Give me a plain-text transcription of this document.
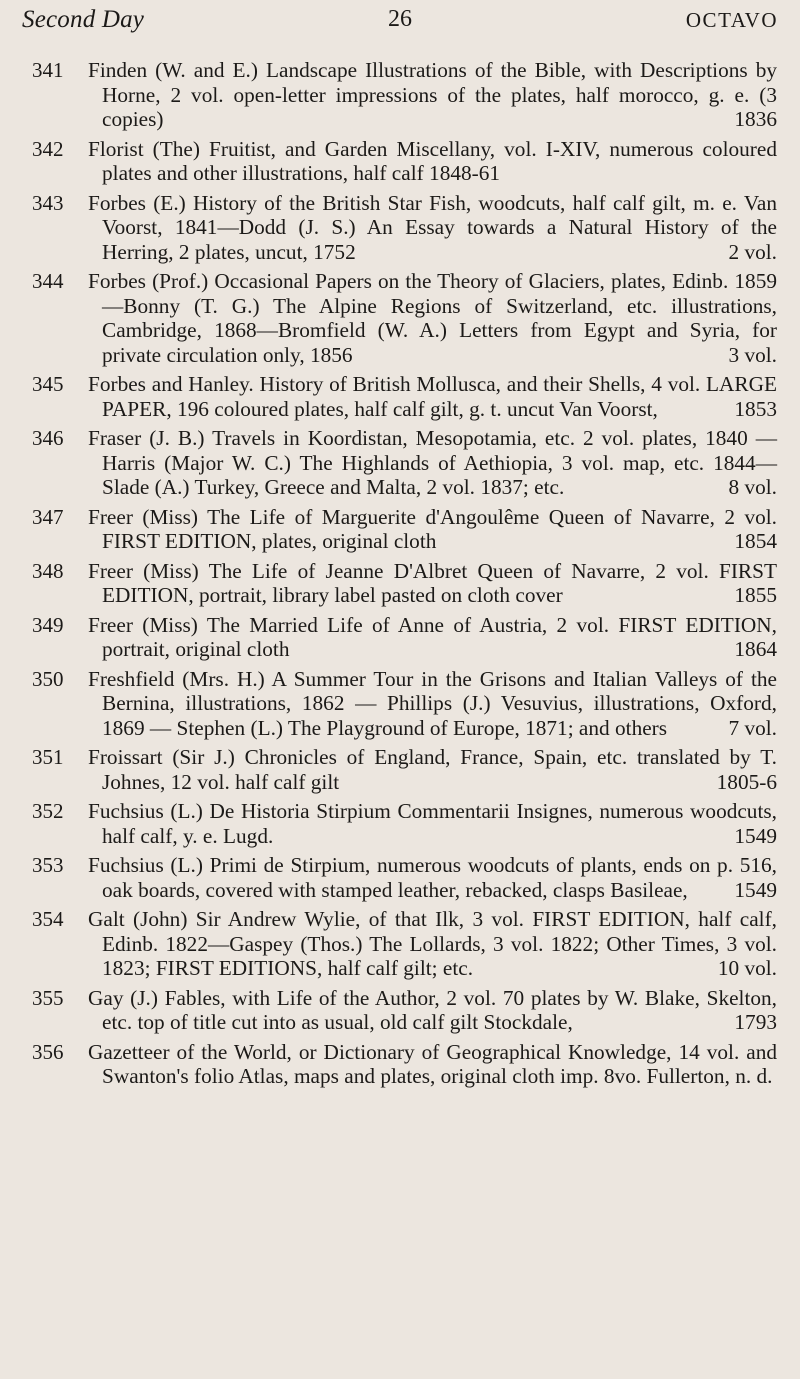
Second Day	26	OCTAVO
341	Finden (W. and E.) Landscape Illustrations of the Bible, with Descriptions by Horne, 2 vol. open-letter impressions of the plates, half morocco, g. e. (3 copies)	1836
342	Florist (The) Fruitist, and Garden Miscellany, vol. I-XIV, numerous coloured plates and other illustrations, half calf 1848-61
343	Forbes (E.) History of the British Star Fish, woodcuts, half calf gilt, m. e. Van Voorst, 1841—Dodd (J. S.) An Essay towards a Natural History of the Herring, 2 plates, uncut, 1752	2 vol.
344	Forbes (Prof.) Occasional Papers on the Theory of Glaciers, plates, Edinb. 1859—Bonny (T. G.) The Alpine Regions of Switzerland, etc. illustrations, Cambridge, 1868—Bromfield (W. A.) Letters from Egypt and Syria, for private circulation only, 1856	3 vol.
345	Forbes and Hanley. History of British Mollusca, and their Shells, 4 vol. LARGE PAPER, 196 coloured plates, half calf gilt, g. t. uncut Van Voorst,	1853
346	Fraser (J. B.) Travels in Koordistan, Mesopotamia, etc. 2 vol. plates, 1840 — Harris (Major W. C.) The Highlands of Aethiopia, 3 vol. map, etc. 1844—Slade (A.) Turkey, Greece and Malta, 2 vol. 1837; etc.	8 vol.
347	Freer (Miss) The Life of Marguerite d'Angoulême Queen of Navarre, 2 vol. FIRST EDITION, plates, original cloth	1854
348	Freer (Miss) The Life of Jeanne D'Albret Queen of Navarre, 2 vol. FIRST EDITION, portrait, library label pasted on cloth cover	1855
349	Freer (Miss) The Married Life of Anne of Austria, 2 vol. FIRST EDITION, portrait, original cloth	1864
350	Freshfield (Mrs. H.) A Summer Tour in the Grisons and Italian Valleys of the Bernina, illustrations, 1862 — Phillips (J.) Vesuvius, illustrations, Oxford, 1869 — Stephen (L.) The Playground of Europe, 1871; and others	7 vol.
351	Froissart (Sir J.) Chronicles of England, France, Spain, etc. translated by T. Johnes, 12 vol. half calf gilt	1805-6
352	Fuchsius (L.) De Historia Stirpium Commentarii Insignes, numerous woodcuts, half calf, y. e. Lugd.	1549
353	Fuchsius (L.) Primi de Stirpium, numerous woodcuts of plants, ends on p. 516, oak boards, covered with stamped leather, rebacked, clasps Basileae, 1549
354	Galt (John) Sir Andrew Wylie, of that Ilk, 3 vol. FIRST EDITION, half calf, Edinb. 1822—Gaspey (Thos.) The Lollards, 3 vol. 1822; Other Times, 3 vol. 1823; FIRST EDITIONS, half calf gilt; etc.	10 vol.
355	Gay (J.) Fables, with Life of the Author, 2 vol. 70 plates by W. Blake, Skelton, etc. top of title cut into as usual, old calf gilt Stockdale,	1793
356	Gazetteer of the World, or Dictionary of Geographical Knowledge, 14 vol. and Swanton's folio Atlas, maps and plates, original cloth imp. 8vo. Fullerton, n. d.
